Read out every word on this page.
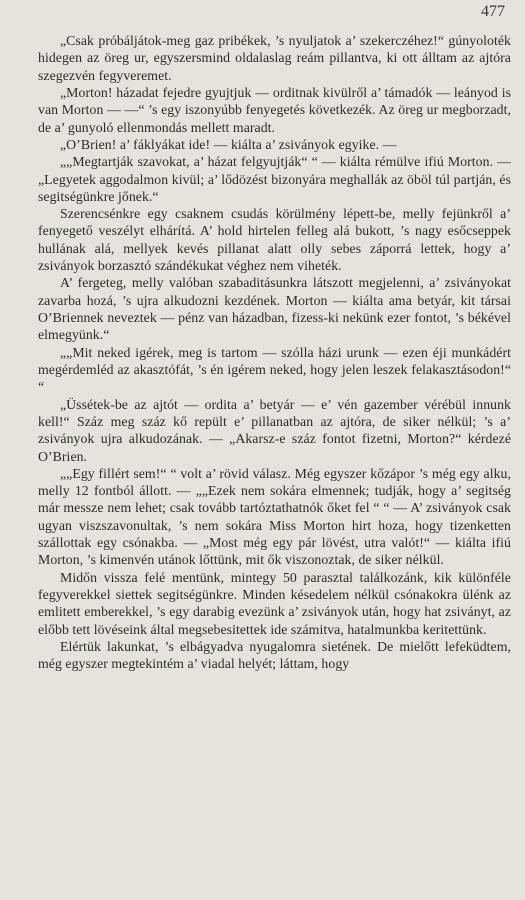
477

„Csak próbáljátok-meg gaz pribékek, ’s nyuljatok a’ szekerczéhez!“ gúnyoloték hidegen az öreg ur, egyszersmind oldalaslag reám pillantva, ki ott álltam az ajtóra szegezvén fegyveremet.

„Morton! házadat fejedre gyujtjuk — orditnak kivülről a’ támadók — leányod is van Morton — —“ ’s egy iszonyúbb fenyegetés következék. Az öreg ur megborzadt, de a’ gunyoló ellenmondás mellett maradt.

„O’Brien! a’ fáklyákat ide! — kiálta a’ zsiványok egyike. —

„„Megtartják szavokat, a’ házat felgyujtják“ “ — kiálta rémülve ifiú Morton. — „Legyetek aggodalmon kivül; a’ lődözést bizonyára meghallák az öböl túl partján, és segitségünkre jőnek.“

Szerencsénkre egy csaknem csudás körülmény lépett-be, melly fejünkről a’ fenyegető veszélyt elhárítá. A’ hold hirtelen felleg alá bukott, ’s nagy esőcseppek hullának alá, mellyek kevés pillanat alatt olly sebes záporrá lettek, hogy a’ zsiványok borzasztó szándékukat véghez nem viheték.

A’ fergeteg, melly valóban szabaditásunkra látszott megjelenni, a’ zsiványokat zavarba hozá, ’s ujra alkudozni kezdének. Morton — kiálta ama betyár, kit társai O’Briennek neveztek — pénz van házadban, fizess-ki nekünk ezer fontot, ’s békével elmegyünk.“

„„Mit neked igérek, meg is tartom — szólla házi urunk — ezen éji munkádért megérdemléd az akasztófát, ’s én igérem neked, hogy jelen leszek felakasztásodon!“ “

„Üssétek-be az ajtót — ordita a’ betyár — e’ vén gazember vérébül innunk kell!“ Száz meg száz kő repült e’ pillanatban az ajtóra, de siker nélkül; ’s a’ zsiványok ujra alkudozának. — „Akarsz-e száz fontot fizetni, Morton?“ kérdezé O’Brien.

„„Egy fillért sem!“ “ volt a’ rövid válasz. Még egyszer kőzápor ’s még egy alku, melly 12 fontból állott. — „„Ezek nem sokára elmennek; tudják, hogy a’ segitség már messze nem lehet; csak tovább tartóztathatnók őket fel “ “ — A’ zsiványok csak ugyan viszszavonultak, ’s nem sokára Miss Morton hirt hoza, hogy tizenketten szállottak egy csónakba. — „Most még egy pár lövést, utra valót!“ — kiálta ifiú Morton, ’s kimenvén utánok lőttünk, mit ők viszonoztak, de siker nélkül.

Midőn vissza felé mentünk, mintegy 50 parasztal találkozánk, kik különféle fegyverekkel siettek segitségünkre. Minden késedelem nélkül csónakokra ülénk az emlitett emberekkel, ’s egy darabig evezünk a’ zsiványok után, hogy hat zsiványt, az előbb tett lövéseink által megsebesitettek ide számitva, hatalmunkba keritettünk.

Elértük lakunkat, ’s elbágyadva nyugalomra sietének. De mielőtt lefeküdtem, még egyszer megtekintém a’ viadal helyét; láttam, hogy
